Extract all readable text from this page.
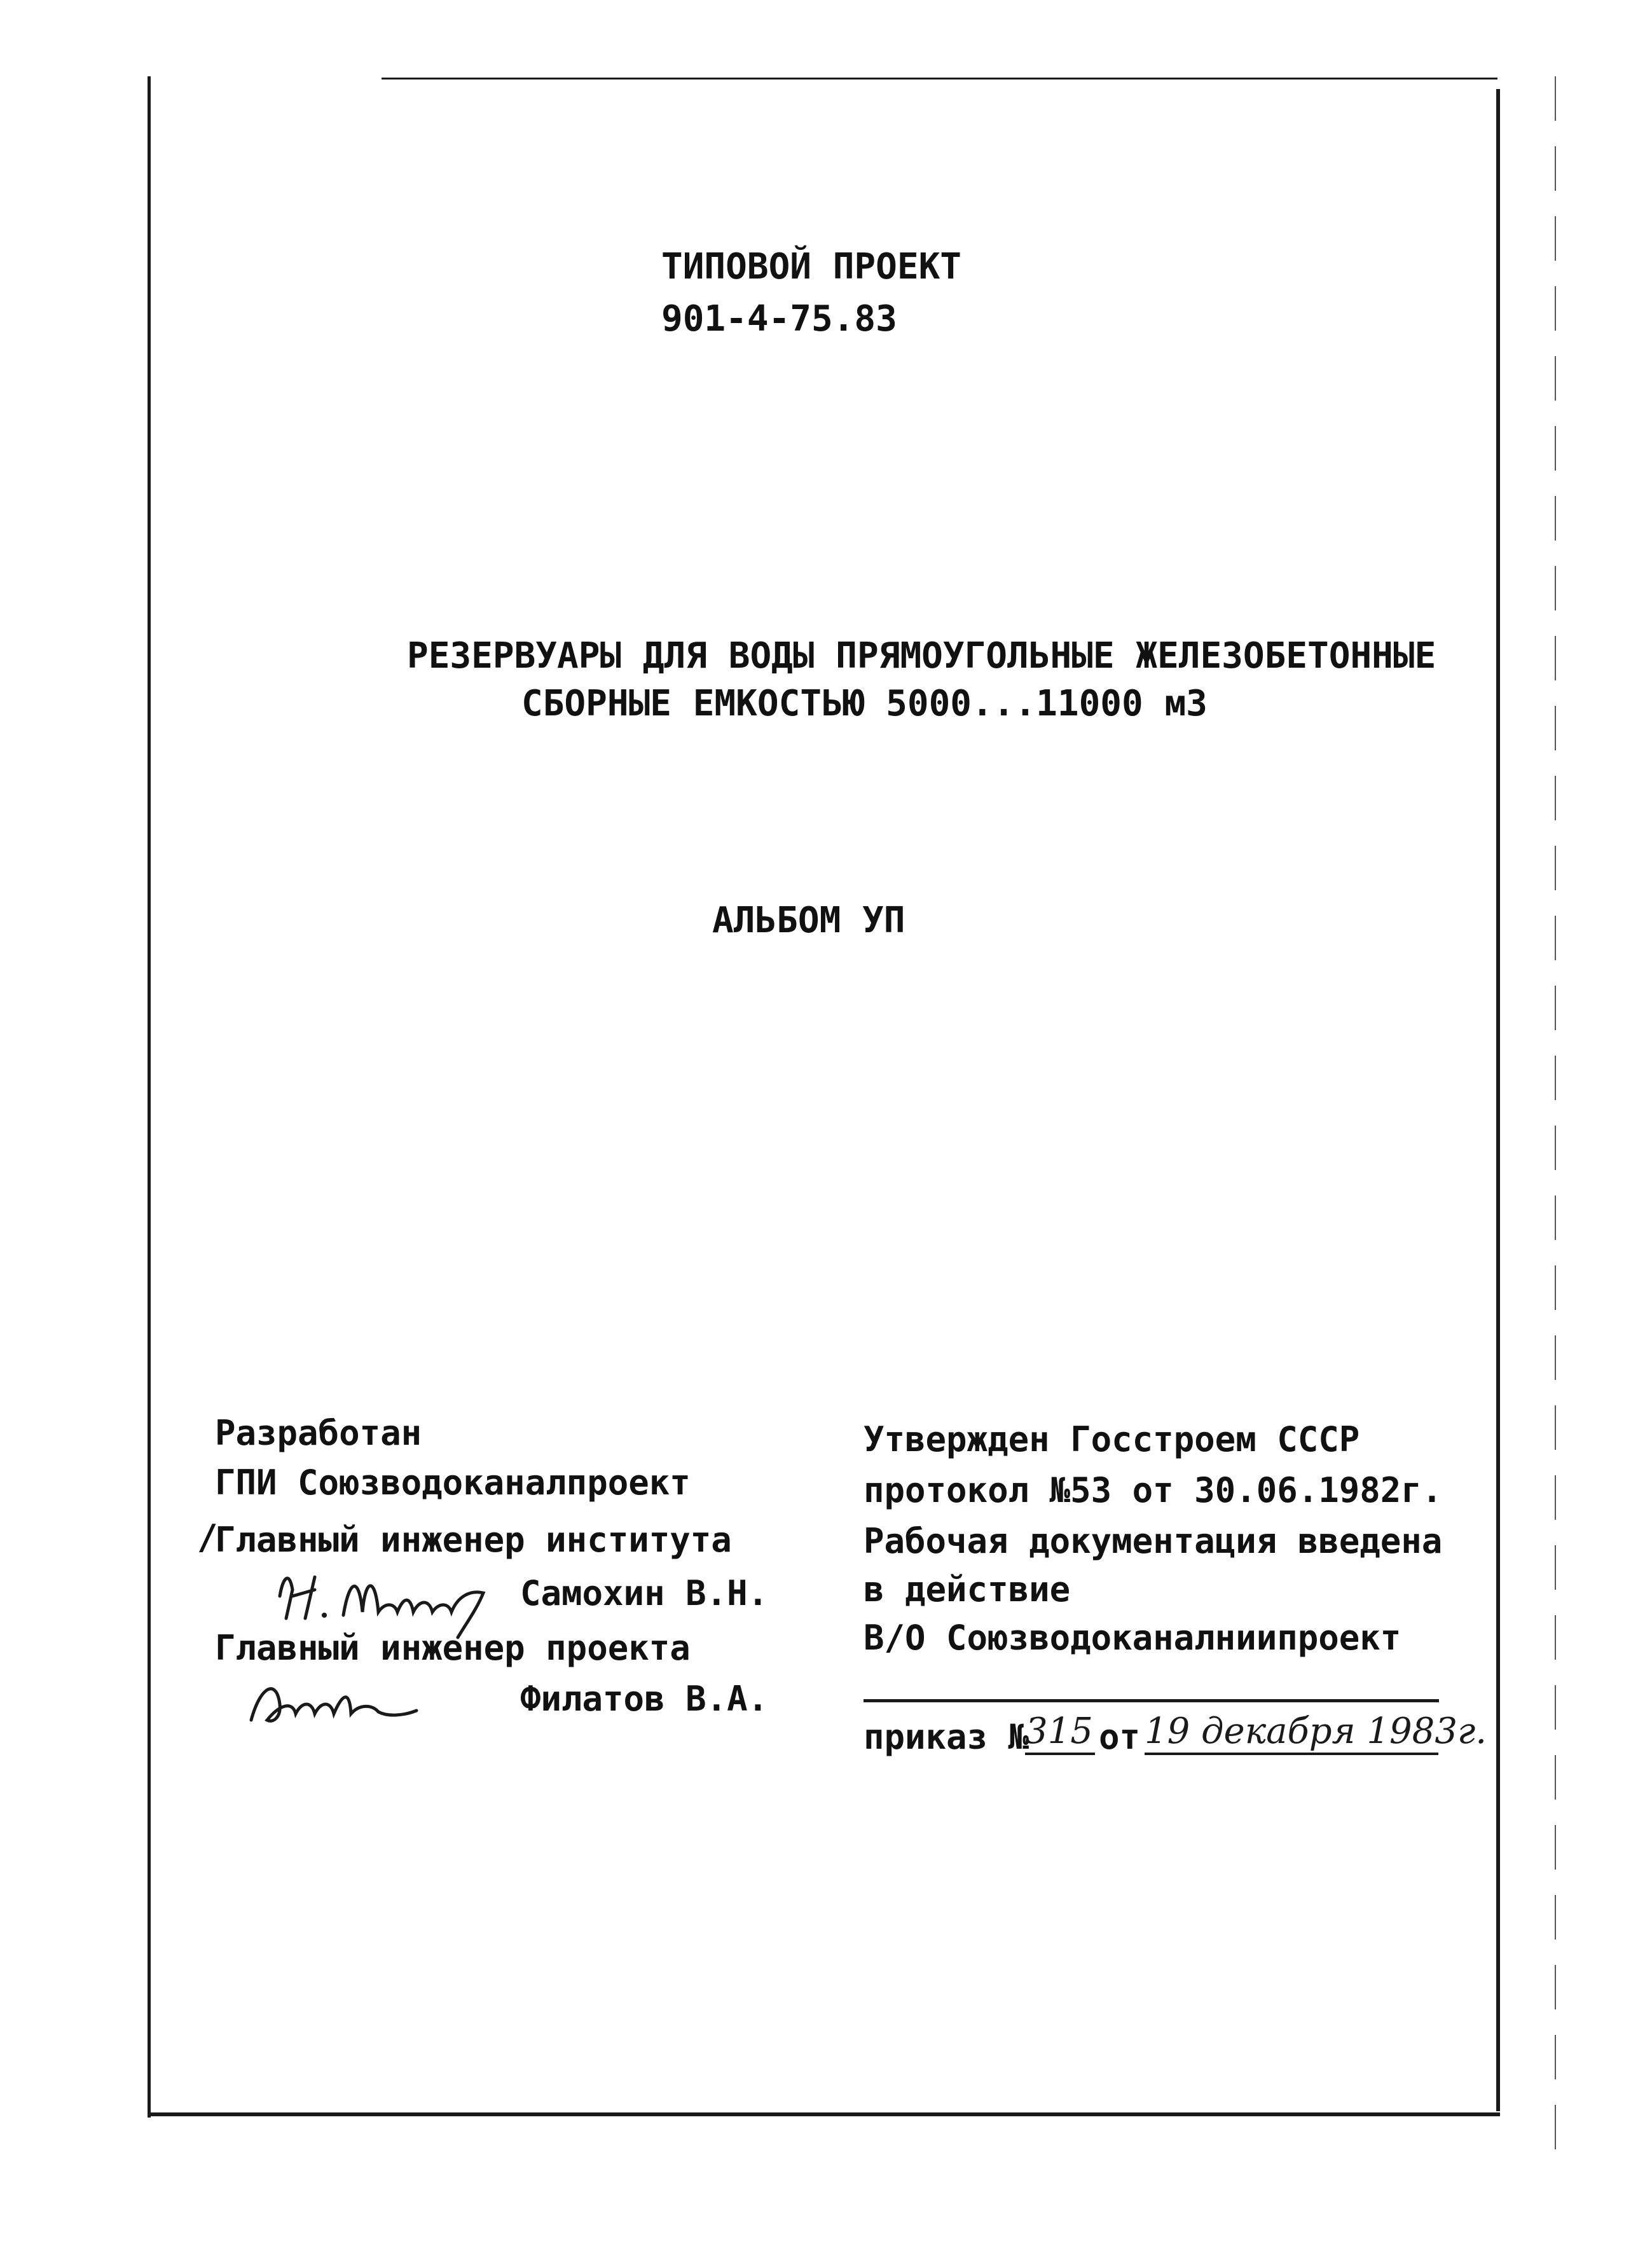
ТИПОВОЙ ПРОЕКТ
901-4-75.83
РЕЗЕРВУАРЫ ДЛЯ ВОДЫ ПРЯМОУГОЛЬНЫЕ ЖЕЛЕЗОБЕТОННЫЕ
СБОРНЫЕ ЕМКОСТЬЮ 5000...11000 м3
АЛЬБОМ УП
Разработан
ГПИ Союзводоканалпроект
/
Главный инженер института
Самохин В.Н.
Главный инженер проекта
Филатов В.А.
Утвержден Госстроем СССР
протокол №53 от 30.06.1982г.
Рабочая документация введена
в действие
В/О Союзводоканалниипроект
приказ №
315 от 19 декабря 1983г.
